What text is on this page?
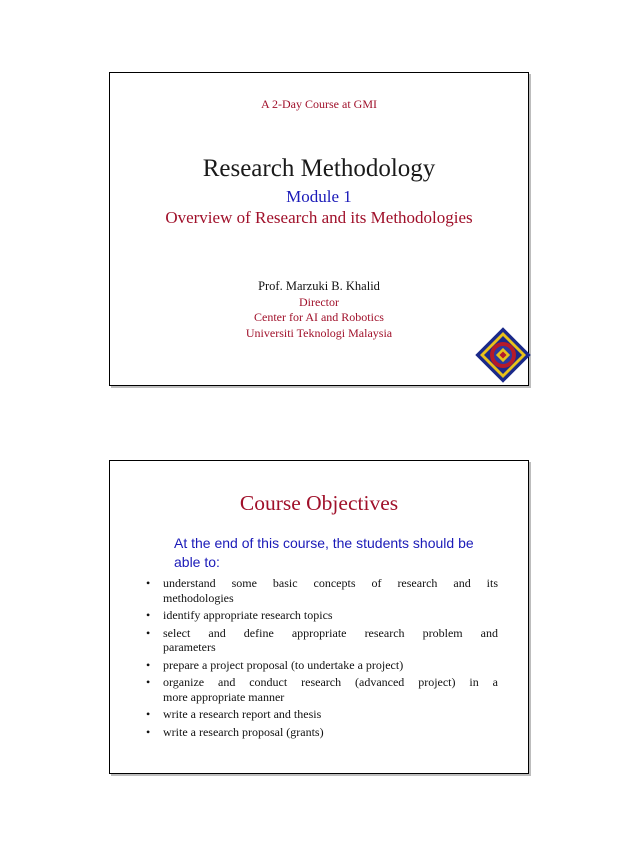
A 2-Day Course at GMI
Research Methodology
Module 1
Overview of Research and its Methodologies
Prof. Marzuki B. Khalid
Director
Center for AI and Robotics
Universiti Teknologi Malaysia
Course Objectives
At the end of this course, the students should be
able to:
• understand some basic concepts of research and its
methodologies
• identify appropriate research topics
• select and define appropriate research problem and
parameters
• prepare a project proposal (to undertake a project)
• organize and conduct research (advanced project) in a
more appropriate manner
• write a research report and thesis
• write a research proposal (grants)
